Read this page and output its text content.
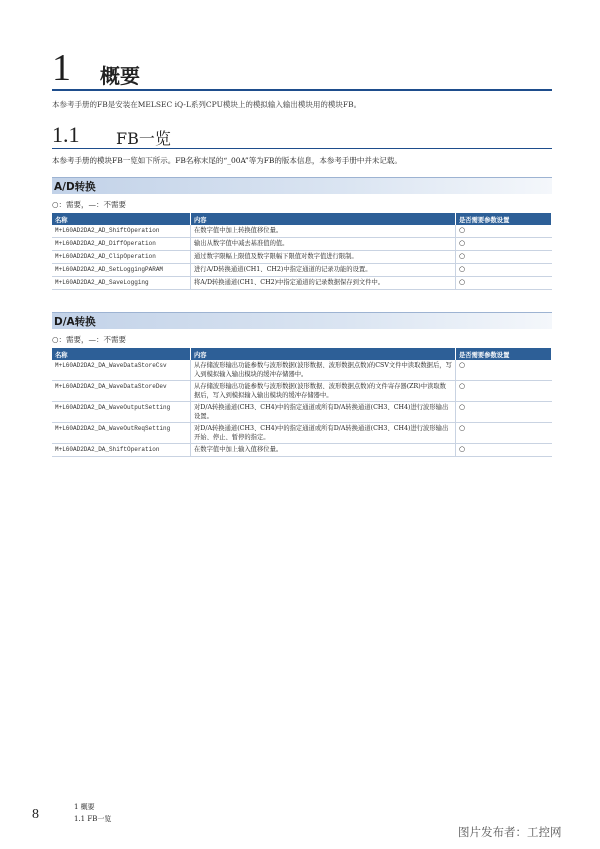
1 概要
本参考手册的FB是安装在MELSEC iQ-L系列CPU模块上的模拟输入输出模块用的模块FB。
1.1 FB一览
本参考手册的模块FB一览如下所示。FB名称末尾的“_00A”等为FB的版本信息，本参考手册中并未记载。
A/D转换
○：需要，—：不需要
名称	内容	是否需要参数设置
M+L60AD2DA2_AD_ShiftOperation	在数字值中加上转换值移位量。	○
M+L60AD2DA2_AD_DiffOperation	输出从数字值中减去基准值的值。	○
M+L60AD2DA2_AD_ClipOperation	通过数字限幅上限值及数字限幅下限值对数字值进行限制。	○
M+L60AD2DA2_AD_SetLoggingPARAM	进行A/D转换通道(CH1、CH2)中指定通道的记录功能的设置。	○
M+L60AD2DA2_AD_SaveLogging	将A/D转换通道(CH1、CH2)中指定通道的记录数据保存到文件中。	○
D/A转换
○：需要，—：不需要
名称	内容	是否需要参数设置
M+L60AD2DA2_DA_WaveDataStoreCsv	从存储波形输出功能参数与波形数据(波形数据、波形数据点数)的CSV文件中读取数据后，写入到模拟输入输出模块的缓冲存储器中。	○
M+L60AD2DA2_DA_WaveDataStoreDev	从存储波形输出功能参数与波形数据(波形数据、波形数据点数)的文件寄存器(ZR)中读取数据后，写入到模拟输入输出模块的缓冲存储器中。	○
M+L60AD2DA2_DA_WaveOutputSetting	对D/A转换通道(CH3、CH4)中的指定通道或所有D/A转换通道(CH3、CH4)进行波形输出设置。	○
M+L60AD2DA2_DA_WaveOutReqSetting	对D/A转换通道(CH3、CH4)中的指定通道或所有D/A转换通道(CH3、CH4)进行波形输出开始、停止、暂停的指定。	○
M+L60AD2DA2_DA_ShiftOperation	在数字值中加上输入值移位量。	○
8	1 概要
1.1 FB一览
图片发布者：工控网
